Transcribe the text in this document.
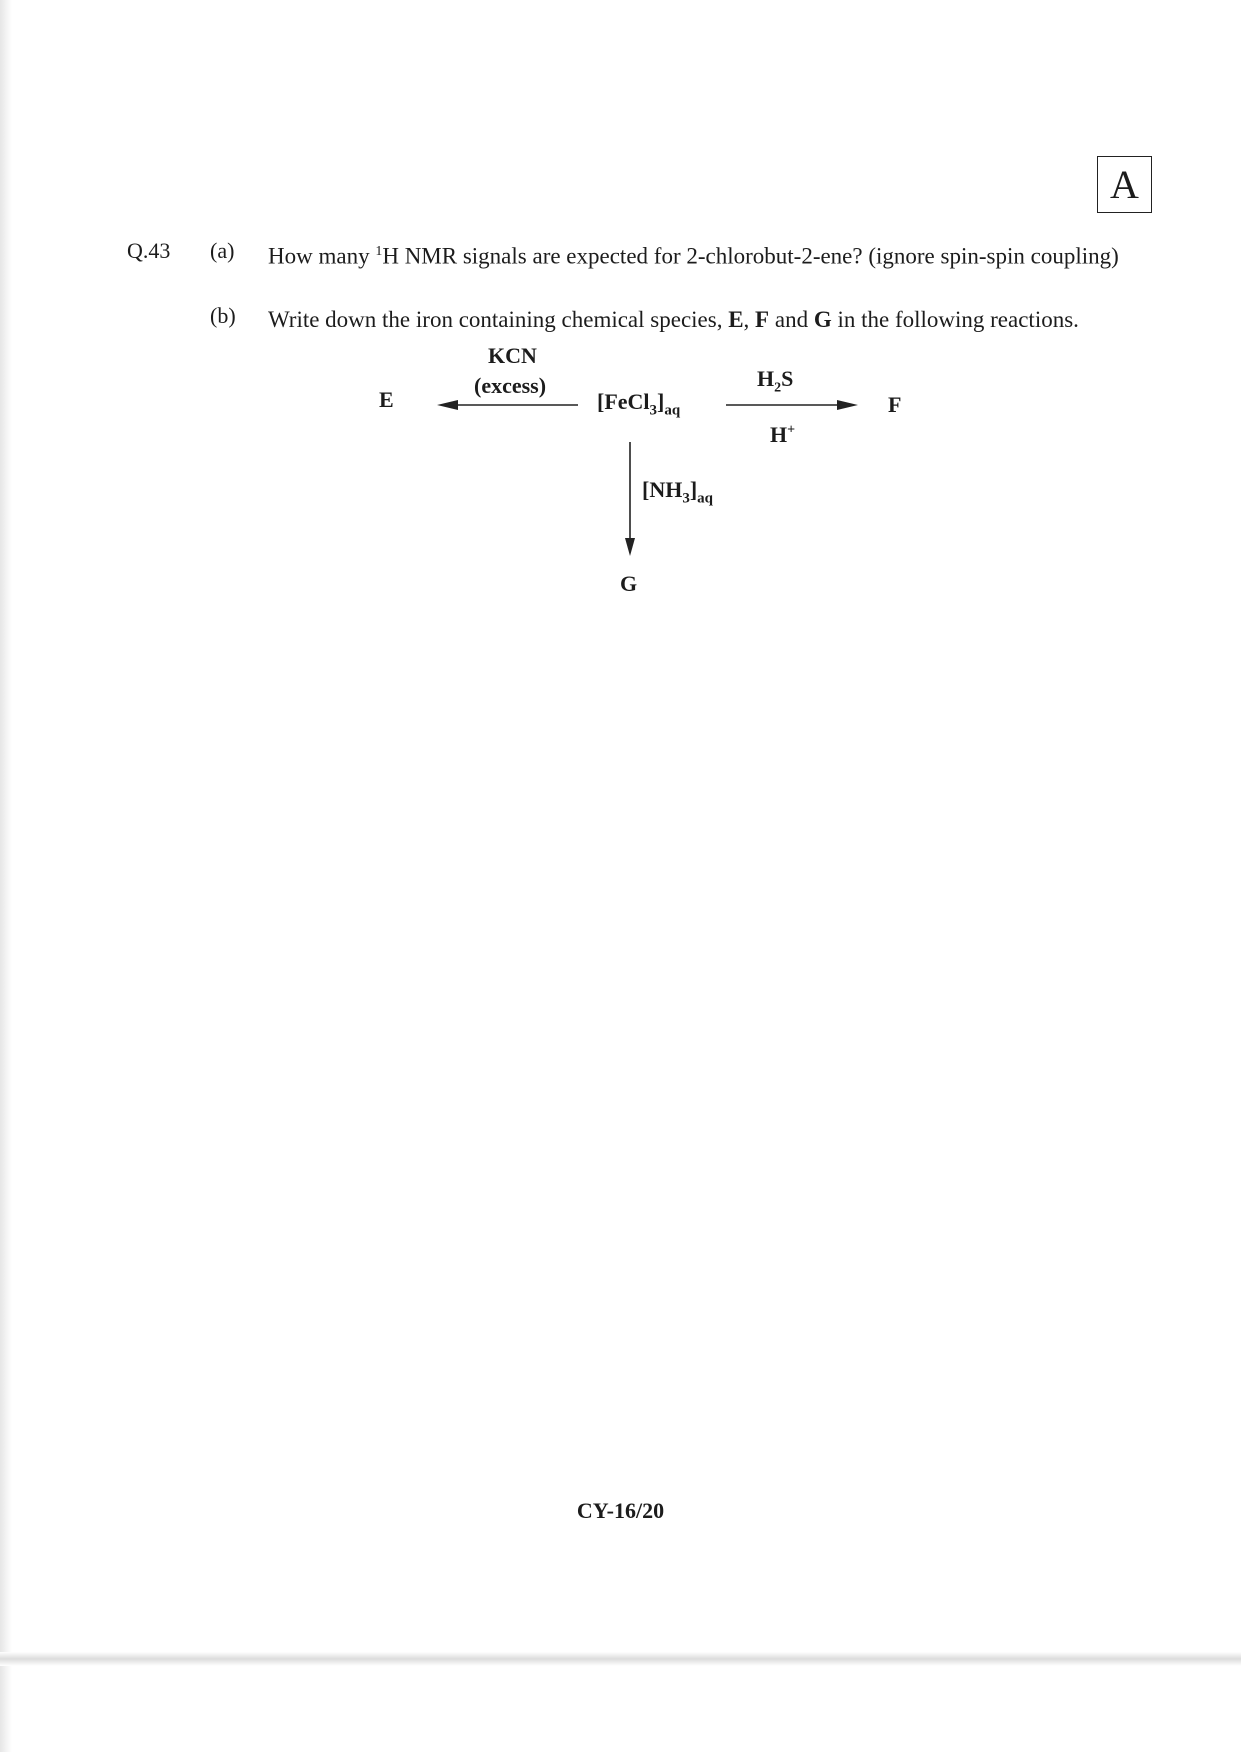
A
Q.43 (a) How many $^1$H NMR signals are expected for 2-chlorobut-2-ene? (ignore spin-spin coupling)
(b) Write down the iron containing chemical species, E, F and G in the following reactions.
KCN
(excess)
E	$[FeCl_3]_{aq}$
$H_2S$
H+
F
$[NH_3]_{aq}$
G
CY-16/20
